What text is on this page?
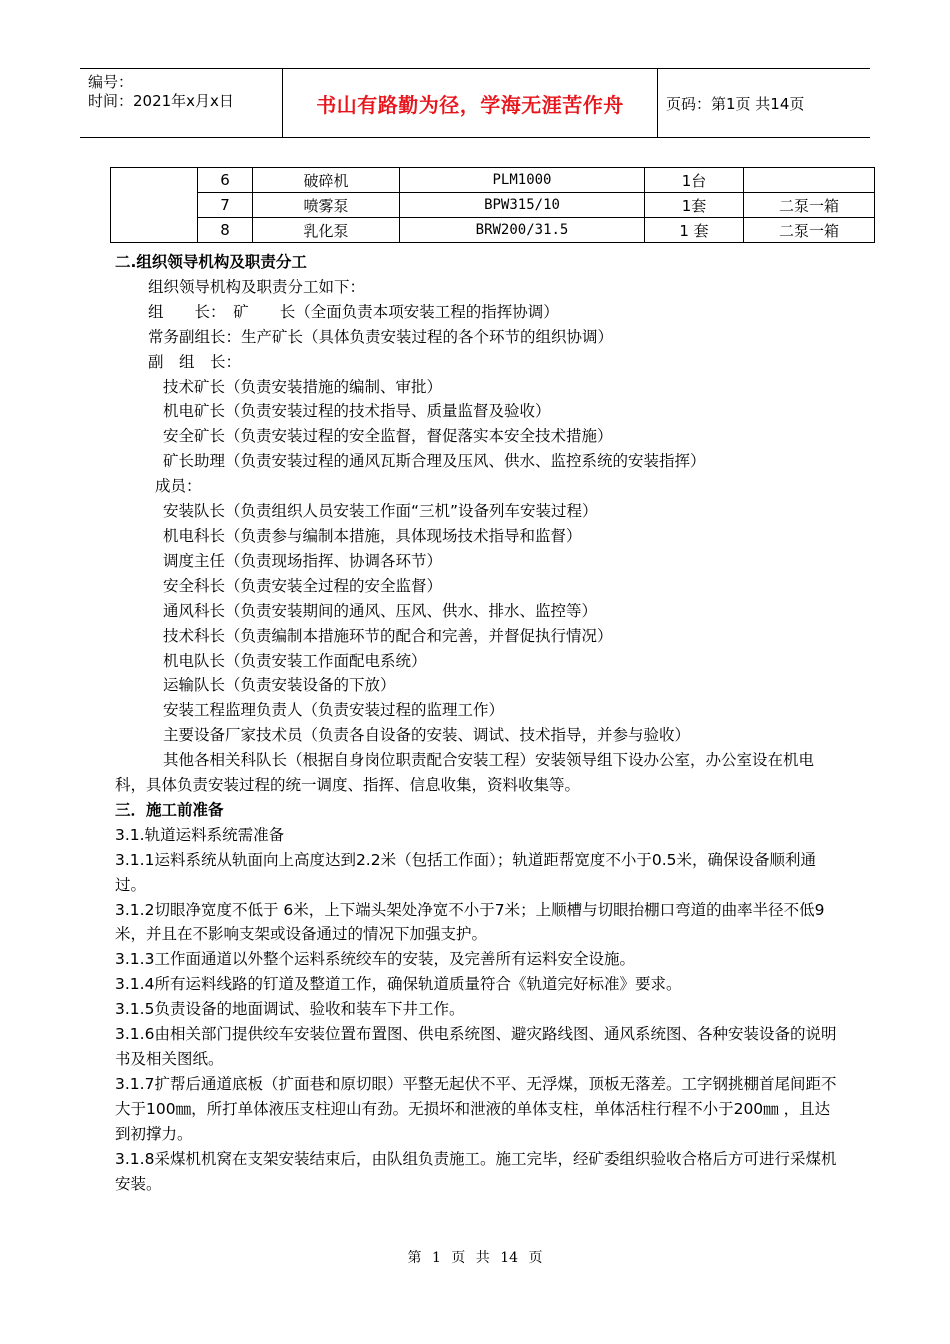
编号：
时间：2021年x月x日	书山有路勤为径，学海无涯苦作舟	页码：第1页 共14页
	6	破碎机	PLM1000	1台	
	7	喷雾泵	BPW315/10	1套	二泵一箱
	8	乳化泵	BRW200/31.5	1 套	二泵一箱

二.组织领导机构及职责分工

组织领导机构及职责分工如下：

组　　长：　矿　　长（全面负责本项安装工程的指挥协调）

常务副组长：生产矿长（具体负责安装过程的各个环节的组织协调）

副　组　长：

技术矿长（负责安装措施的编制、审批）

机电矿长（负责安装过程的技术指导、质量监督及验收）

安全矿长（负责安装过程的安全监督，督促落实本安全技术措施）

矿长助理（负责安装过程的通风瓦斯合理及压风、供水、监控系统的安装指挥）

成员：

安装队长（负责组织人员安装工作面“三机”设备列车安装过程）

机电科长（负责参与编制本措施，具体现场技术指导和监督）

调度主任（负责现场指挥、协调各环节）

安全科长（负责安装全过程的安全监督）

通风科长（负责安装期间的通风、压风、供水、排水、监控等）

技术科长（负责编制本措施环节的配合和完善，并督促执行情况）

机电队长（负责安装工作面配电系统）

运输队长（负责安装设备的下放）

安装工程监理负责人（负责安装过程的监理工作）

主要设备厂家技术员（负责各自设备的安装、调试、技术指导，并参与验收）

其他各相关科队长（根据自身岗位职责配合安装工程）安装领导组下设办公室，办公室设在机电科，具体负责安装过程的统一调度、指挥、信息收集，资料收集等。

三．施工前准备

3.1.轨道运料系统需准备

3.1.1运料系统从轨面向上高度达到2.2米（包括工作面）；轨道距帮宽度不小于0.5米，确保设备顺利通过。

3.1.2切眼净宽度不低于 6米，上下端头架处净宽不小于7米；上顺槽与切眼抬棚口弯道的曲率半径不低9 米，并且在不影响支架或设备通过的情况下加强支护。

3.1.3工作面通道以外整个运料系统绞车的安装，及完善所有运料安全设施。

3.1.4所有运料线路的钉道及整道工作，确保轨道质量符合《轨道完好标准》要求。

3.1.5负责设备的地面调试、验收和装车下井工作。

3.1.6由相关部门提供绞车安装位置布置图、供电系统图、避灾路线图、通风系统图、各种安装设备的说明书及相关图纸。

3.1.7扩帮后通道底板（扩面巷和原切眼）平整无起伏不平、无浮煤，顶板无落差。工字钢挑棚首尾间距不大于100㎜，所打单体液压支柱迎山有劲。无损坏和泄液的单体支柱，单体活柱行程不小于200㎜ ，且达到初撑力。

3.1.8采煤机机窝在支架安装结束后，由队组负责施工。施工完毕，经矿委组织验收合格后方可进行采煤机安装。

第 1 页 共 14 页
